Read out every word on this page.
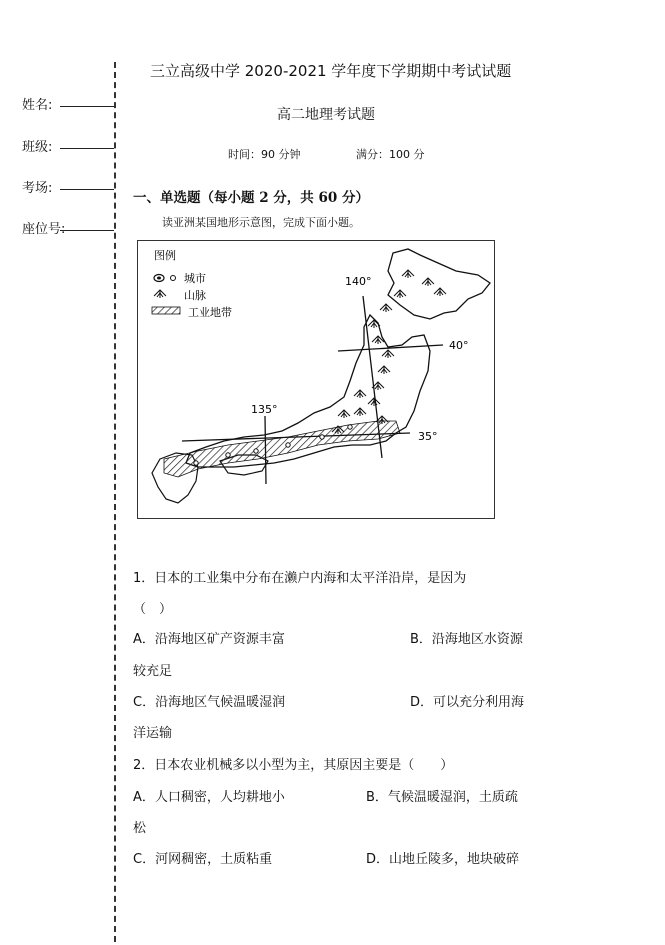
姓名:
班级:
考场:
座位号:
三立高级中学 2020-2021 学年度下学期期中考试试题
高二地理考试题
时间：90 分钟	满分：100 分
一、单选题（每小题 2 分，共 60 分）
读亚洲某国地形示意图，完成下面小题。
图例
城市
山脉
工业地带
140°
135°
40°
35°
1．日本的工业集中分布在濑户内海和太平洋沿岸，是因为
（　）
A．沿海地区矿产资源丰富	B．沿海地区水资源
较充足
C．沿海地区气候温暖湿润	D．可以充分利用海
洋运输
2．日本农业机械多以小型为主，其原因主要是（　　）
A．人口稠密，人均耕地小	B．气候温暖湿润，土质疏
松
C．河网稠密，土质粘重	D．山地丘陵多，地块破碎
